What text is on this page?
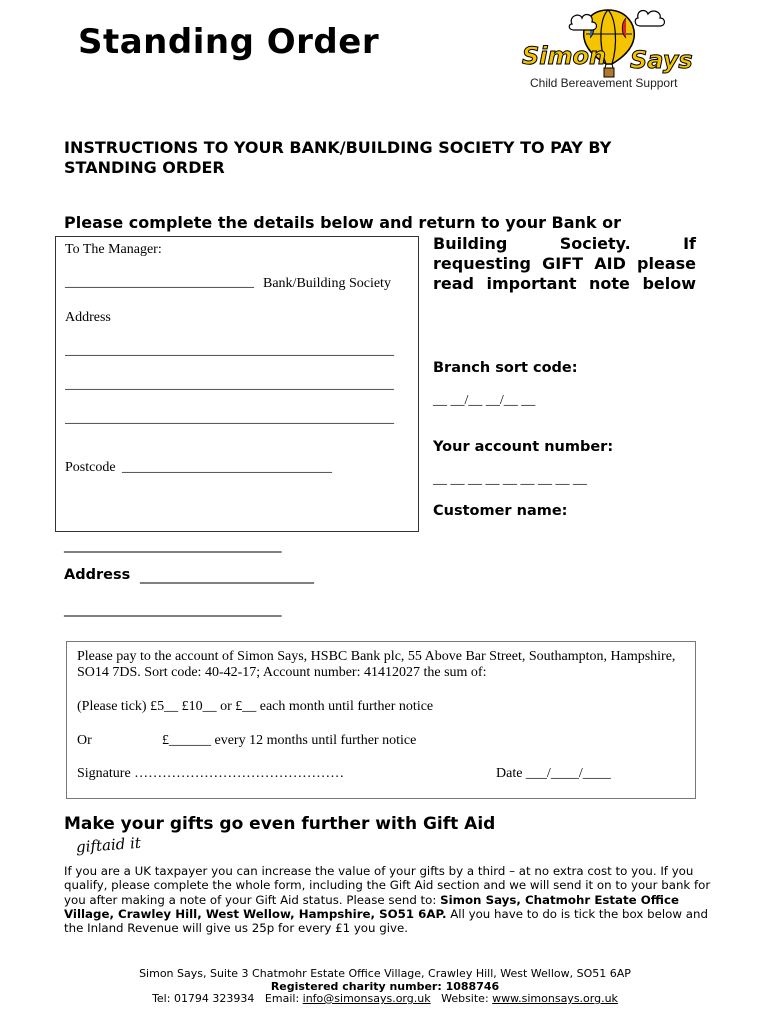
Standing Order	Simon Says
Child Bereavement Support
INSTRUCTIONS TO YOUR BANK/BUILDING SOCIETY TO PAY BY STANDING ORDER
Please complete the details below and return to your Bank or
To The Manager:
___________________________ Bank/Building Society
Address
_______________________________________________
_______________________________________________
_______________________________________________
Postcode ______________________________
Building Society. If requesting GIFT AID please read important note below
Branch sort code:
__ __/__ __/__ __
Your account number:
__ __ __ __ __ __ __ __ __
Customer name:
______________________________
Address ________________________
______________________________
Please pay to the account of Simon Says, HSBC Bank plc, 55 Above Bar Street, Southampton, Hampshire, SO14 7DS. Sort code: 40-42-17; Account number: 41412027 the sum of:
(Please tick) £5__ £10__ or £__ each month until further notice
Or	£______ every 12 months until further notice
Signature ………………………………………	Date ___/____/____
Make your gifts go even further with Gift Aid
giftaid it
If you are a UK taxpayer you can increase the value of your gifts by a third – at no extra cost to you. If you qualify, please complete the whole form, including the Gift Aid section and we will send it on to your bank for you after making a note of your Gift Aid status. Please send to: Simon Says, Chatmohr Estate Office Village, Crawley Hill, West Wellow, Hampshire, SO51 6AP. All you have to do is tick the box below and the Inland Revenue will give us 25p for every £1 you give.
Simon Says, Suite 3 Chatmohr Estate Office Village, Crawley Hill, West Wellow, SO51 6AP
Registered charity number: 1088746
Tel: 01794 323934 Email: info@simonsays.org.uk Website: www.simonsays.org.uk
